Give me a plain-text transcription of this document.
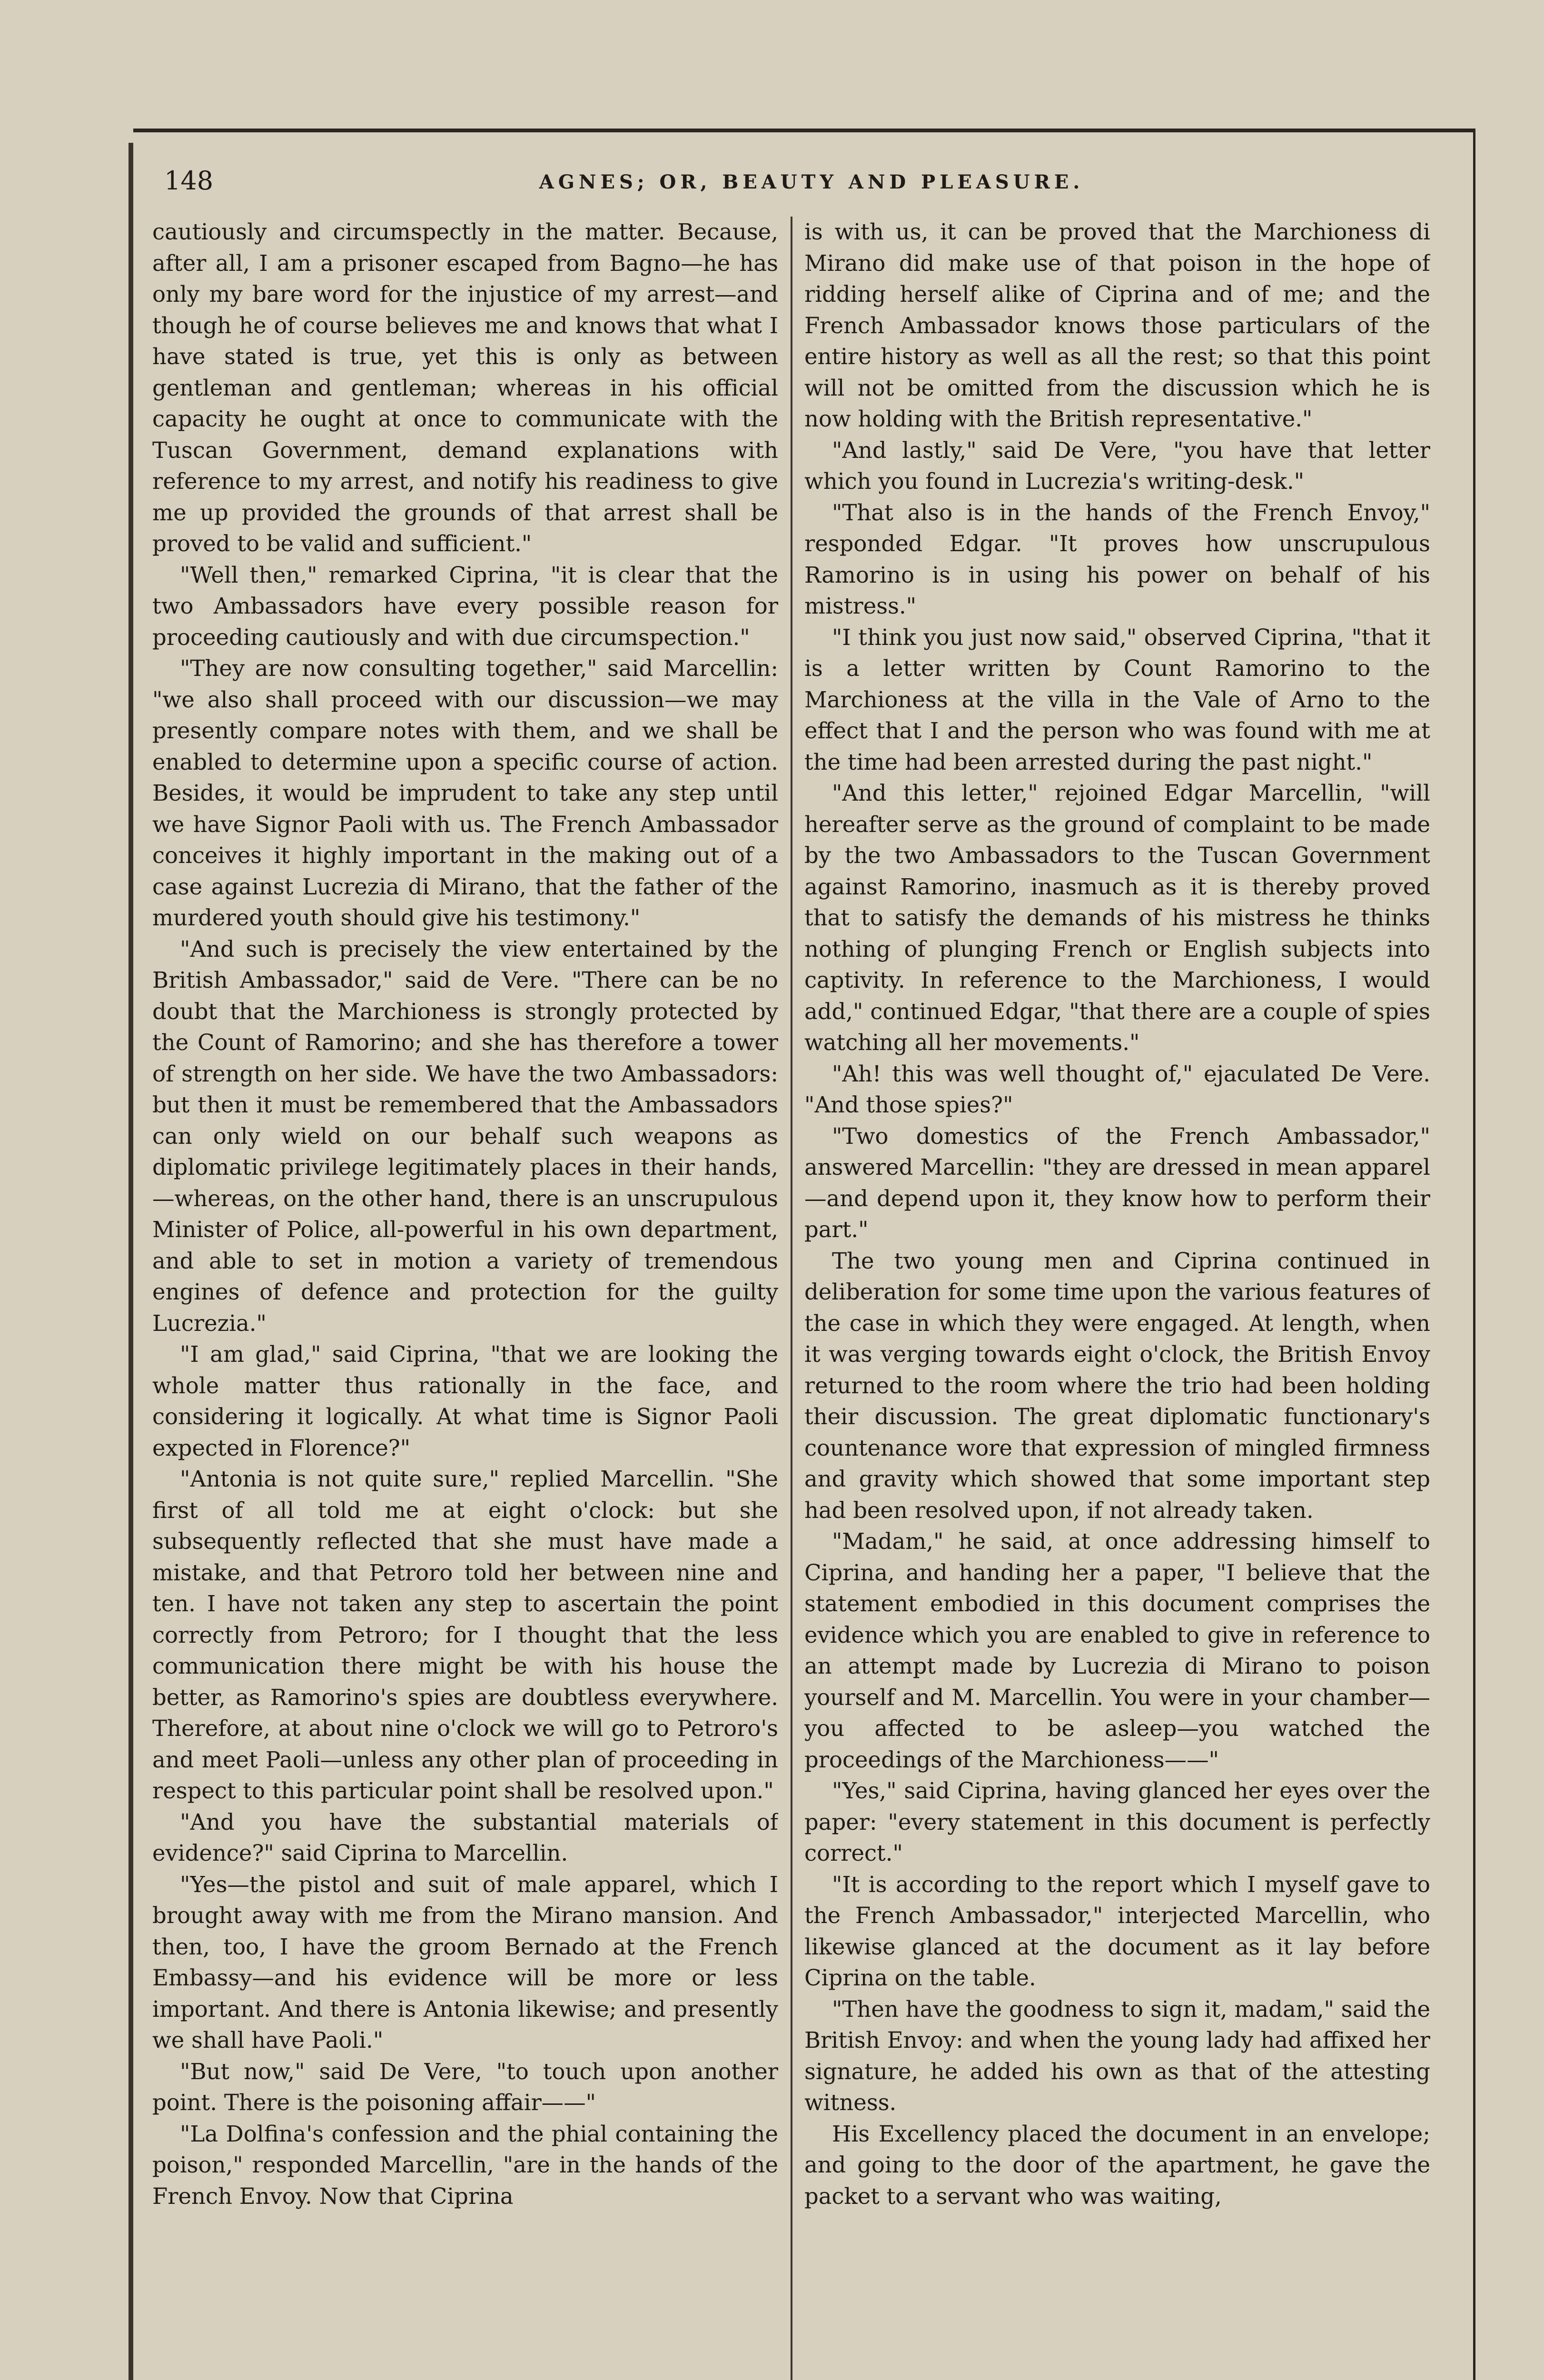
148	AGNES; OR, BEAUTY AND PLEASURE.

cautiously and circumspectly in the matter. Because, after all, I am a prisoner escaped from Bagno—he has only my bare word for the injustice of my arrest—and though he of course believes me and knows that what I have stated is true, yet this is only as between gentleman and gentleman; whereas in his official capacity he ought at once to communicate with the Tuscan Government, demand explanations with reference to my arrest, and notify his readiness to give me up provided the grounds of that arrest shall be proved to be valid and sufficient."

"Well then," remarked Ciprina, "it is clear that the two Ambassadors have every possible reason for proceeding cautiously and with due circumspection."

"They are now consulting together," said Marcellin: "we also shall proceed with our discussion—we may presently compare notes with them, and we shall be enabled to determine upon a specific course of action. Besides, it would be imprudent to take any step until we have Signor Paoli with us. The French Ambassador conceives it highly important in the making out of a case against Lucrezia di Mirano, that the father of the murdered youth should give his testimony."

"And such is precisely the view entertained by the British Ambassador," said de Vere. "There can be no doubt that the Marchioness is strongly protected by the Count of Ramorino; and she has therefore a tower of strength on her side. We have the two Ambassadors: but then it must be remembered that the Ambassadors can only wield on our behalf such weapons as diplomatic privilege legitimately places in their hands,—whereas, on the other hand, there is an unscrupulous Minister of Police, all-powerful in his own department, and able to set in motion a variety of tremendous engines of defence and protection for the guilty Lucrezia."

"I am glad," said Ciprina, "that we are looking the whole matter thus rationally in the face, and considering it logically. At what time is Signor Paoli expected in Florence?"

"Antonia is not quite sure," replied Marcellin. "She first of all told me at eight o'clock: but she subsequently reflected that she must have made a mistake, and that Petroro told her between nine and ten. I have not taken any step to ascertain the point correctly from Petroro; for I thought that the less communication there might be with his house the better, as Ramorino's spies are doubtless everywhere. Therefore, at about nine o'clock we will go to Petroro's and meet Paoli—unless any other plan of proceeding in respect to this particular point shall be resolved upon."

"And you have the substantial materials of evidence?" said Ciprina to Marcellin.

"Yes—the pistol and suit of male apparel, which I brought away with me from the Mirano mansion. And then, too, I have the groom Bernado at the French Embassy—and his evidence will be more or less important. And there is Antonia likewise; and presently we shall have Paoli."

"But now," said De Vere, "to touch upon another point. There is the poisoning affair——"

"La Dolfina's confession and the phial containing the poison," responded Marcellin, "are in the hands of the French Envoy. Now that Ciprina

is with us, it can be proved that the Marchioness di Mirano did make use of that poison in the hope of ridding herself alike of Ciprina and of me; and the French Ambassador knows those particulars of the entire history as well as all the rest; so that this point will not be omitted from the discussion which he is now holding with the British representative."

"And lastly," said De Vere, "you have that letter which you found in Lucrezia's writing-desk."

"That also is in the hands of the French Envoy," responded Edgar. "It proves how unscrupulous Ramorino is in using his power on behalf of his mistress."

"I think you just now said," observed Ciprina, "that it is a letter written by Count Ramorino to the Marchioness at the villa in the Vale of Arno to the effect that I and the person who was found with me at the time had been arrested during the past night."

"And this letter," rejoined Edgar Marcellin, "will hereafter serve as the ground of complaint to be made by the two Ambassadors to the Tuscan Government against Ramorino, inasmuch as it is thereby proved that to satisfy the demands of his mistress he thinks nothing of plunging French or English subjects into captivity. In reference to the Marchioness, I would add," continued Edgar, "that there are a couple of spies watching all her movements."

"Ah! this was well thought of," ejaculated De Vere. "And those spies?"

"Two domestics of the French Ambassador," answered Marcellin: "they are dressed in mean apparel—and depend upon it, they know how to perform their part."

The two young men and Ciprina continued in deliberation for some time upon the various features of the case in which they were engaged. At length, when it was verging towards eight o'clock, the British Envoy returned to the room where the trio had been holding their discussion. The great diplomatic functionary's countenance wore that expression of mingled firmness and gravity which showed that some important step had been resolved upon, if not already taken.

"Madam," he said, at once addressing himself to Ciprina, and handing her a paper, "I believe that the statement embodied in this document comprises the evidence which you are enabled to give in reference to an attempt made by Lucrezia di Mirano to poison yourself and M. Marcellin. You were in your chamber—you affected to be asleep—you watched the proceedings of the Marchioness——"

"Yes," said Ciprina, having glanced her eyes over the paper: "every statement in this document is perfectly correct."

"It is according to the report which I myself gave to the French Ambassador," interjected Marcellin, who likewise glanced at the document as it lay before Ciprina on the table.

"Then have the goodness to sign it, madam," said the British Envoy: and when the young lady had affixed her signature, he added his own as that of the attesting witness.

His Excellency placed the document in an envelope; and going to the door of the apartment, he gave the packet to a servant who was waiting,
